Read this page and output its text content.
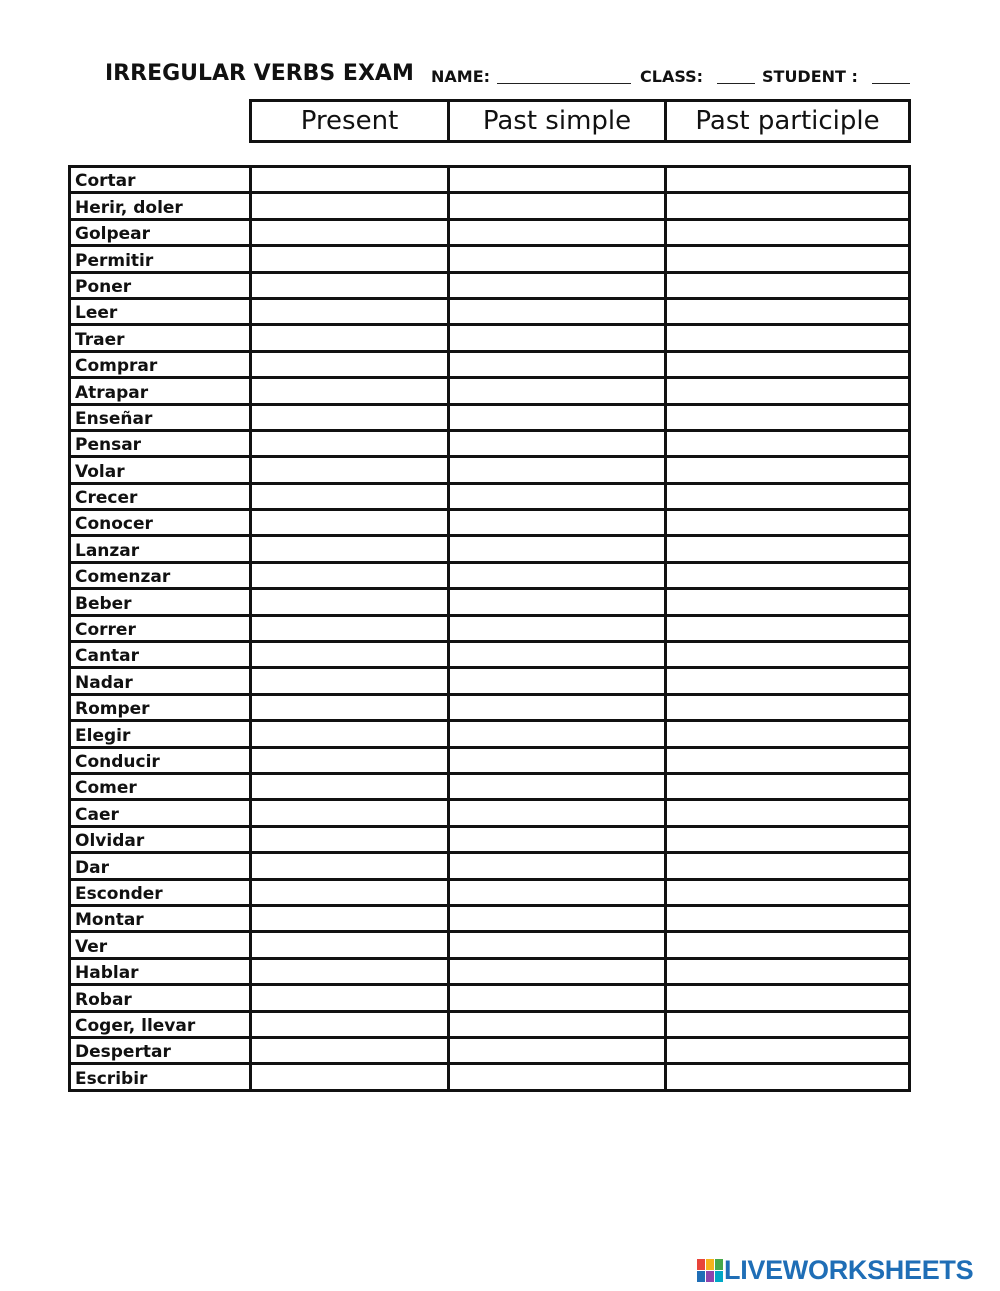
IRREGULAR VERBS EXAM NAME:	CLASS:	STUDENT :
Present	Past simple	Past participle
Cortar			
Herir, doler			
Golpear			
Permitir			
Poner			
Leer			
Traer			
Comprar			
Atrapar			
Enseñar			
Pensar			
Volar			
Crecer			
Conocer			
Lanzar			
Comenzar			
Beber			
Correr			
Cantar			
Nadar			
Romper			
Elegir			
Conducir			
Comer			
Caer			
Olvidar			
Dar			
Esconder			
Montar			
Ver			
Hablar			
Robar			
Coger, llevar			
Despertar			
Escribir			
LIVEWORKSHEETS
